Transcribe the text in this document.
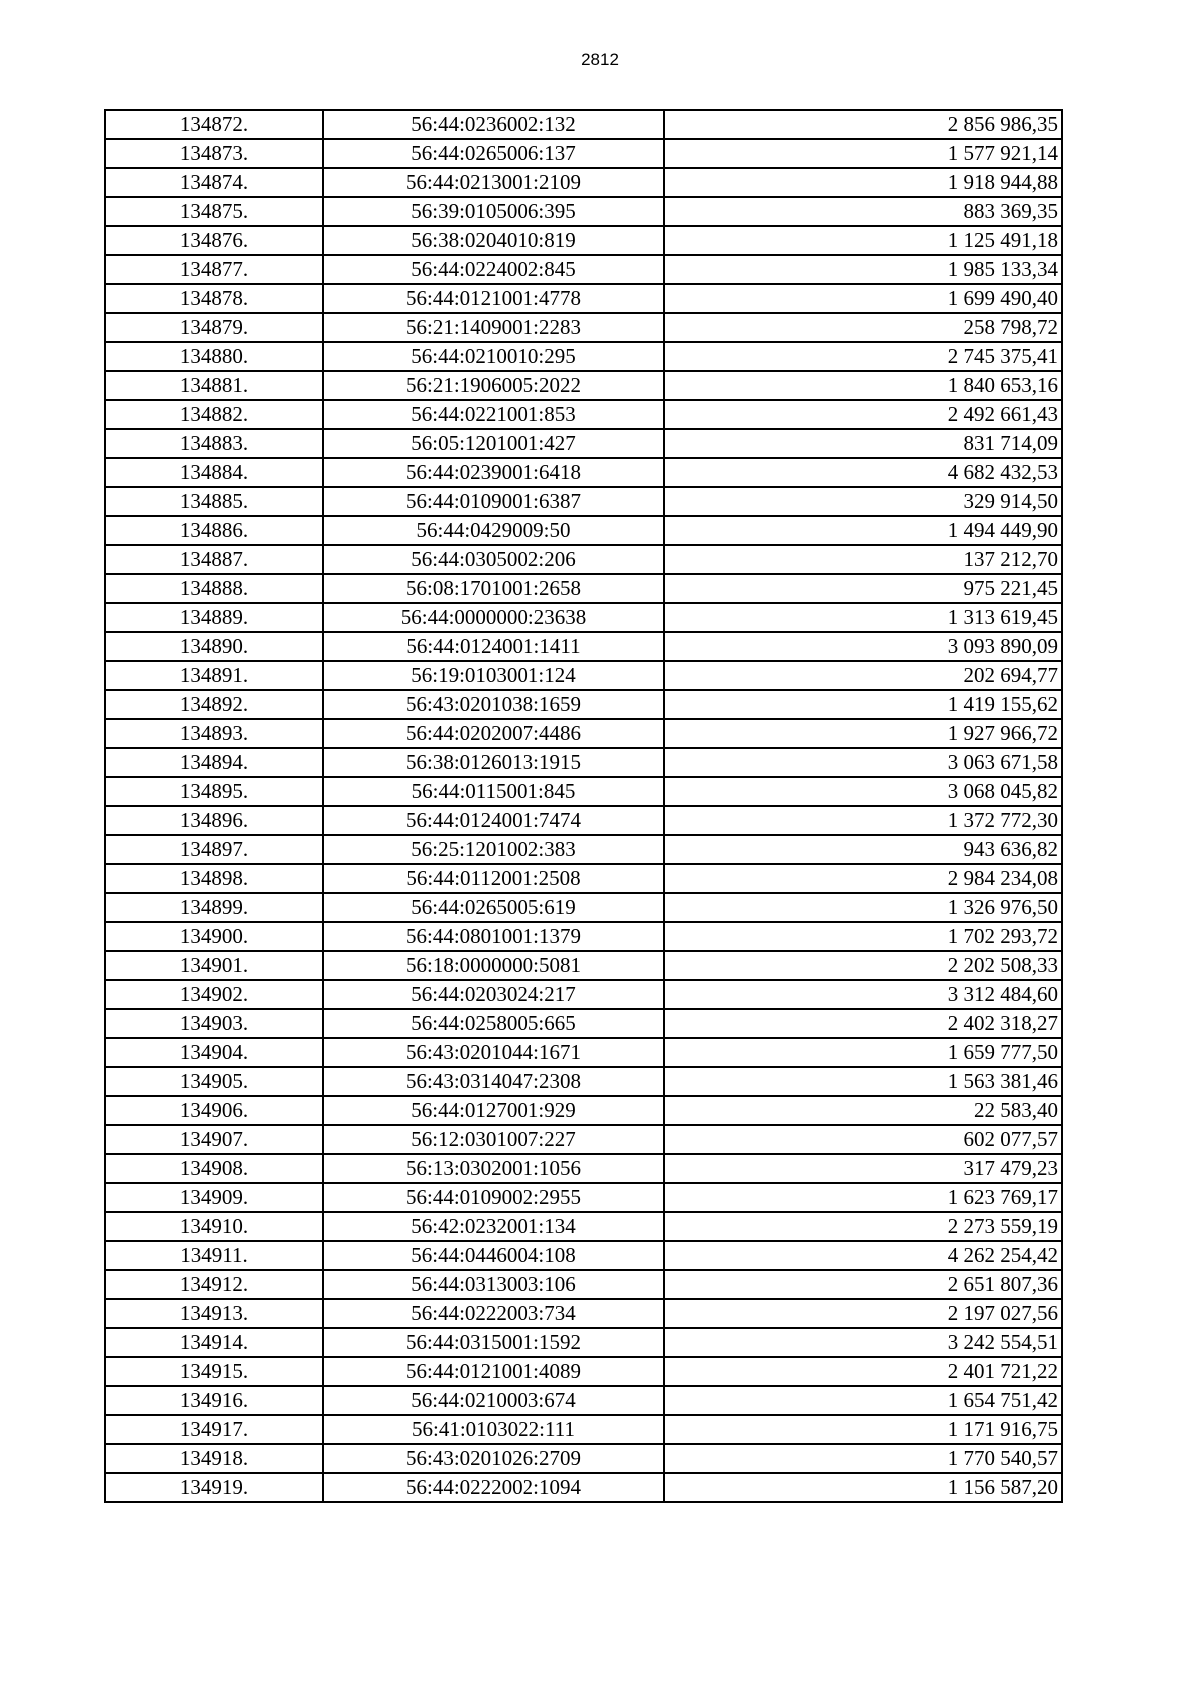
2812
134872.	56:44:0236002:132	2 856 986,35
134873.	56:44:0265006:137	1 577 921,14
134874.	56:44:0213001:2109	1 918 944,88
134875.	56:39:0105006:395	883 369,35
134876.	56:38:0204010:819	1 125 491,18
134877.	56:44:0224002:845	1 985 133,34
134878.	56:44:0121001:4778	1 699 490,40
134879.	56:21:1409001:2283	258 798,72
134880.	56:44:0210010:295	2 745 375,41
134881.	56:21:1906005:2022	1 840 653,16
134882.	56:44:0221001:853	2 492 661,43
134883.	56:05:1201001:427	831 714,09
134884.	56:44:0239001:6418	4 682 432,53
134885.	56:44:0109001:6387	329 914,50
134886.	56:44:0429009:50	1 494 449,90
134887.	56:44:0305002:206	137 212,70
134888.	56:08:1701001:2658	975 221,45
134889.	56:44:0000000:23638	1 313 619,45
134890.	56:44:0124001:1411	3 093 890,09
134891.	56:19:0103001:124	202 694,77
134892.	56:43:0201038:1659	1 419 155,62
134893.	56:44:0202007:4486	1 927 966,72
134894.	56:38:0126013:1915	3 063 671,58
134895.	56:44:0115001:845	3 068 045,82
134896.	56:44:0124001:7474	1 372 772,30
134897.	56:25:1201002:383	943 636,82
134898.	56:44:0112001:2508	2 984 234,08
134899.	56:44:0265005:619	1 326 976,50
134900.	56:44:0801001:1379	1 702 293,72
134901.	56:18:0000000:5081	2 202 508,33
134902.	56:44:0203024:217	3 312 484,60
134903.	56:44:0258005:665	2 402 318,27
134904.	56:43:0201044:1671	1 659 777,50
134905.	56:43:0314047:2308	1 563 381,46
134906.	56:44:0127001:929	22 583,40
134907.	56:12:0301007:227	602 077,57
134908.	56:13:0302001:1056	317 479,23
134909.	56:44:0109002:2955	1 623 769,17
134910.	56:42:0232001:134	2 273 559,19
134911.	56:44:0446004:108	4 262 254,42
134912.	56:44:0313003:106	2 651 807,36
134913.	56:44:0222003:734	2 197 027,56
134914.	56:44:0315001:1592	3 242 554,51
134915.	56:44:0121001:4089	2 401 721,22
134916.	56:44:0210003:674	1 654 751,42
134917.	56:41:0103022:111	1 171 916,75
134918.	56:43:0201026:2709	1 770 540,57
134919.	56:44:0222002:1094	1 156 587,20
